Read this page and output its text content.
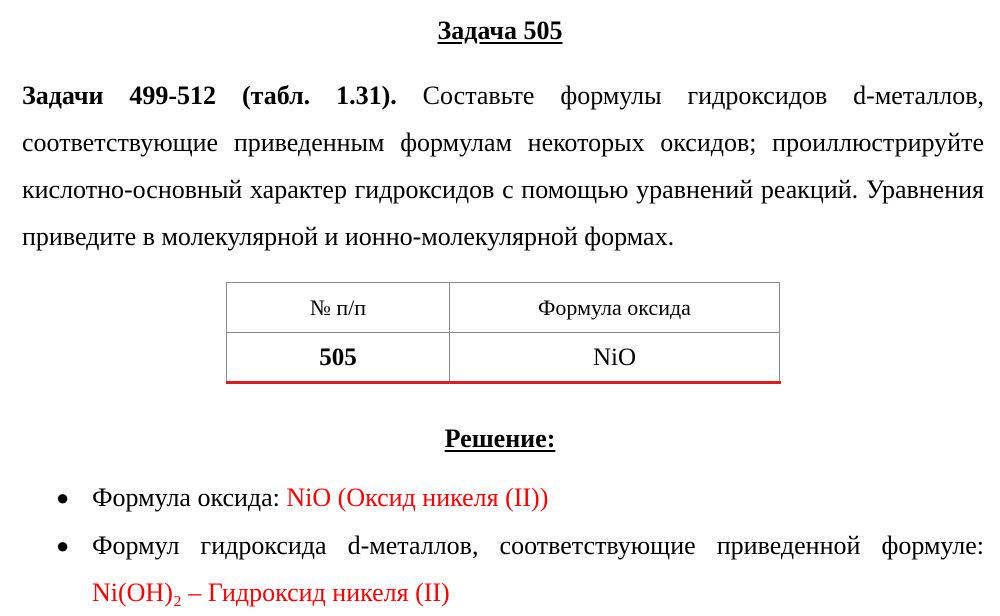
Задача 505
Задачи 499-512 (табл. 1.31). Составьте формулы гидроксидов d-металлов, соответствующие приведенным формулам некоторых оксидов; проиллюстрируйте кислотно-основный характер гидроксидов с помощью уравнений реакций. Уравнения приведите в молекулярной и ионно-молекулярной формах.
№ п/п	Формула оксида
505	NiO
Решение:
● Формула оксида: NiO (Оксид никеля (II))
● Формул гидроксида d-металлов, соответствующие приведенной формуле:
Ni(OH)₂ – Гидроксид никеля (II)
